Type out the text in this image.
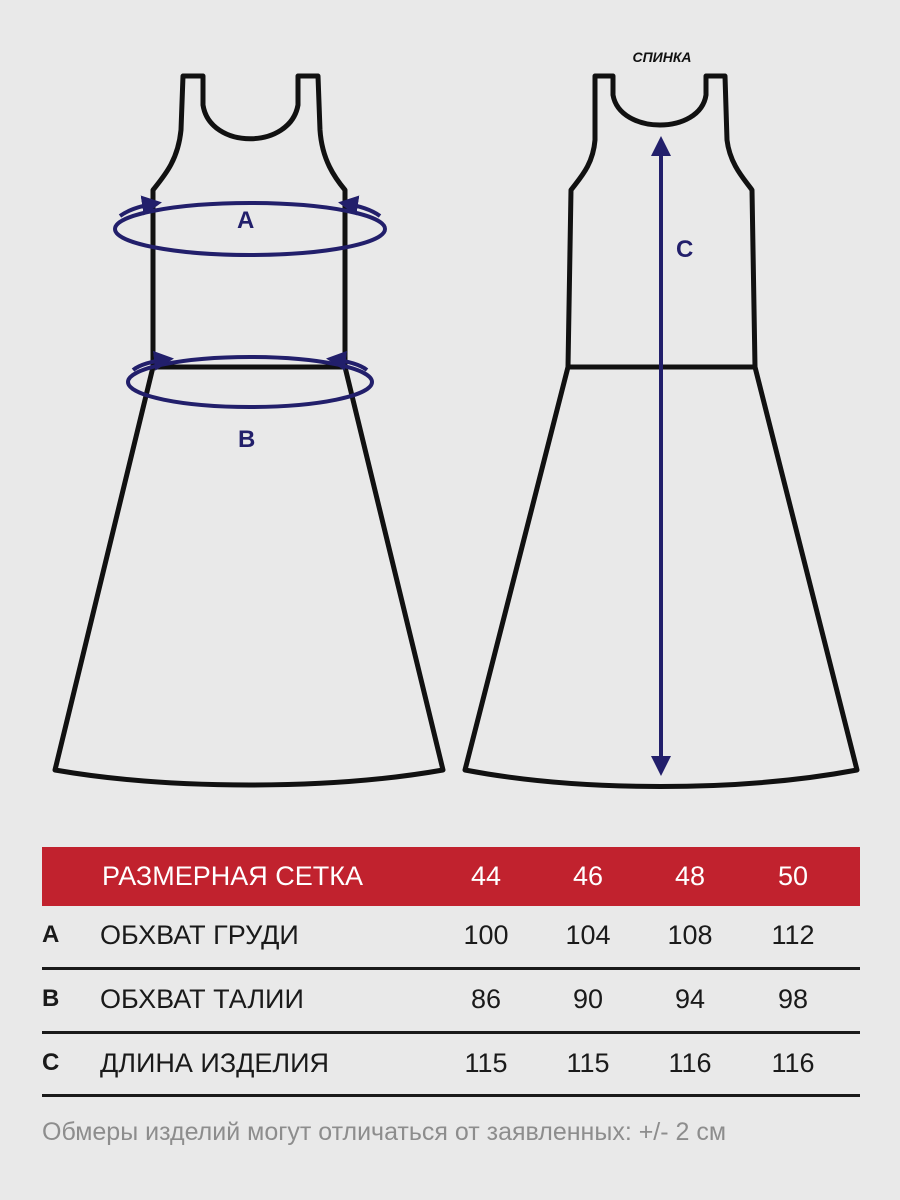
A
B
СПИНКА
C
РАЗМЕРНАЯ СЕТКА	44	46	48	50
A ОБХВАТ ГРУДИ	100	104	108	112
B ОБХВАТ ТАЛИИ	86	90	94	98
C ДЛИНА ИЗДЕЛИЯ	115	115	116	116
Обмеры изделий могут отличаться от заявленных: +/- 2 см
